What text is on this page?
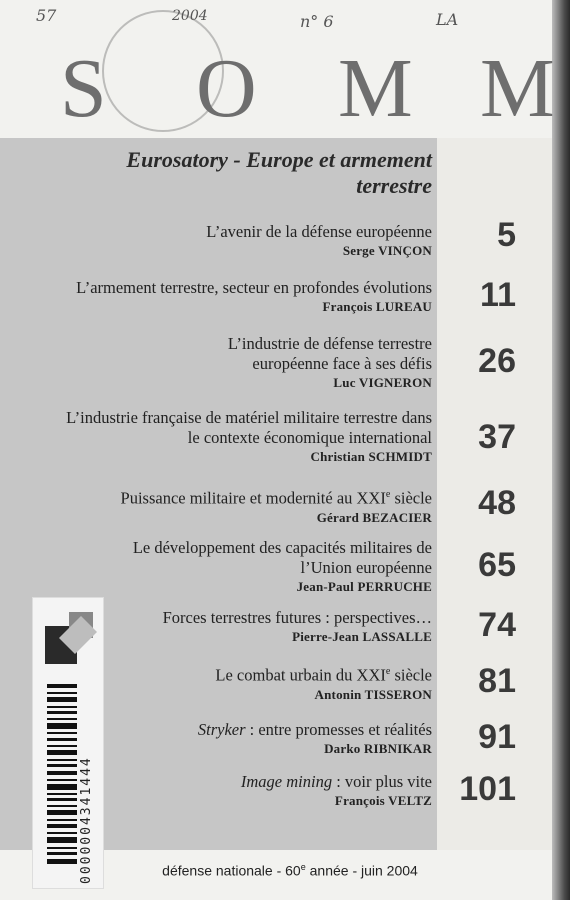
57	2004	n° 6	LA
S O M M
Eurosatory - Europe et armement terrestre
L’avenir de la défense européenne
Serge VINÇON	5
L’armement terrestre, secteur en profondes évolutions
François LUREAU	11
L’industrie de défense terrestre européenne face à ses défis
Luc VIGNERON
26
L’industrie française de matériel militaire terrestre dans le contexte économique international
Christian SCHMIDT
37
Puissance militaire et modernité au XXIe siècle
Gérard BEZACIER	48
Le développement des capacités militaires de l’Union européenne
Jean-Paul PERRUCHE
65
Forces terrestres futures : perspectives…
Pierre-Jean LASSALLE	74
Le combat urbain du XXIe siècle
Antonin TISSERON	81
Stryker : entre promesses et réalités
Darko RIBNIKAR	91
Image mining : voir plus vite
François VELTZ 101
0000004341444	défense nationale - 60e année - juin 2004
